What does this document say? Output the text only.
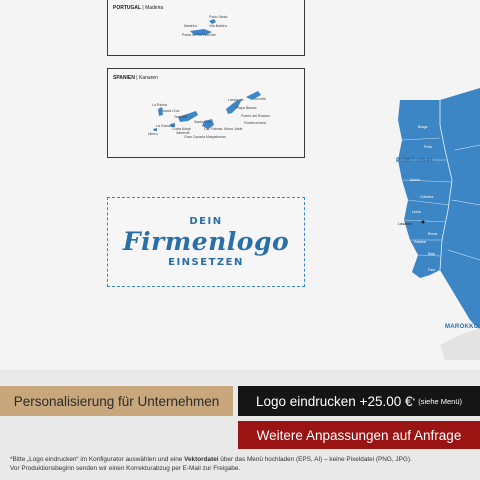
PORTUGAL
MAROKKO
Braga
Porto
Aveiro
Coimbra
Leiria
Lissabon
Évora
Setúbal
Beja
Faro
PORTUGAL | Madeira
Porto Santo
Vila Baleira
Madeira
Funchal
Ponta do Sol
SPANIEN | Kanaren
La Palma
Santa Cruz
Lanzarote	Arrecife
Playa Blanca
Puerto del Rosario
Teneriffa
Santa Cruz
La Gomera
Costa Adeje
Valverde
Hierro
Gran Canaria
Las Palmas
Fuerteventura
Morro Jable
Maspalomas
DEIN
Firmenlogo
EINSETZEN
Personalisierung für Unternehmen	Logo eindrucken +25.00 € * (siehe Menü)
Weitere Anpassungen auf Anfrage
*Bitte „Logo eindrucken“ im Konfigurator auswählen und eine Vektordatei über das Menü hochladen (EPS, AI) – keine Pixeldatei (PNG, JPG).
Vor Produktionsbeginn senden wir einen Korrekturabzug per E-Mail zur Freigabe.
